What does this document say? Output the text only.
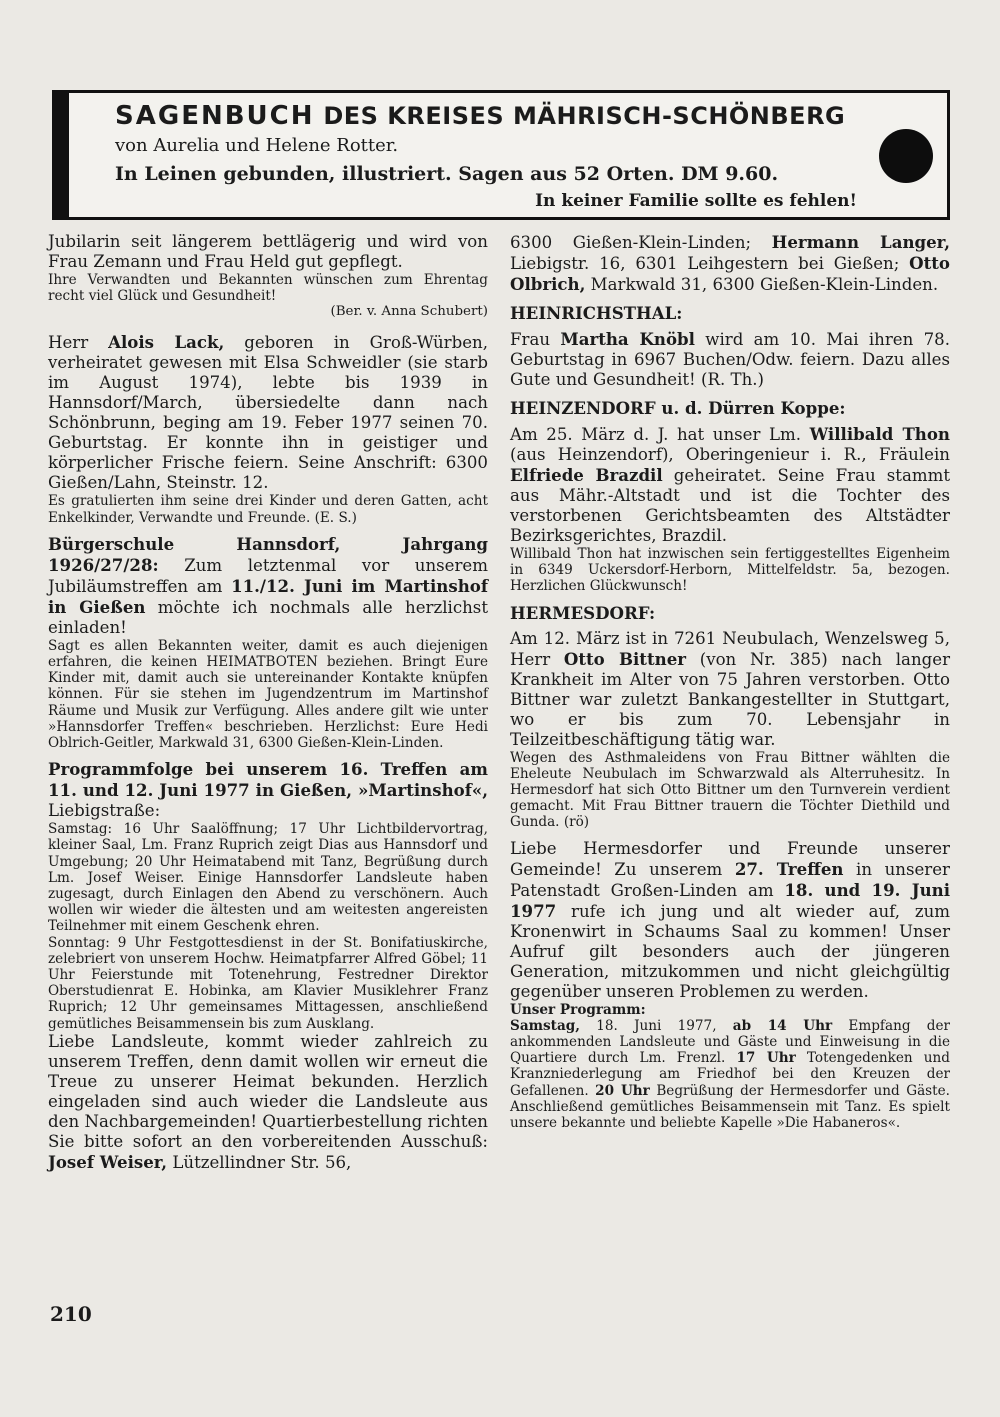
SAGENBUCH DES KREISES MÄHRISCH-SCHÖNBERG
von Aurelia und Helene Rotter.
In Leinen gebunden, illustriert. Sagen aus 52 Orten. DM 9.60.
In keiner Familie sollte es fehlen!

Jubilarin seit längerem bettlägerig und wird von Frau Zemann und Frau Held gut gepflegt.

Ihre Verwandten und Bekannten wünschen zum Ehrentag recht viel Glück und Gesundheit!

(Ber. v. Anna Schubert)

Herr Alois Lack, geboren in Groß-Würben, verheiratet gewesen mit Elsa Schweidler (sie starb im August 1974), lebte bis 1939 in Hannsdorf/March, übersiedelte dann nach Schönbrunn, beging am 19. Feber 1977 seinen 70. Geburtstag. Er konnte ihn in geistiger und körperlicher Frische feiern. Seine Anschrift: 6300 Gießen/Lahn, Steinstr. 12.

Es gratulierten ihm seine drei Kinder und deren Gatten, acht Enkelkinder, Verwandte und Freunde. (E. S.)

Bürgerschule Hannsdorf, Jahrgang 1926/27/28: Zum letztenmal vor unserem Jubiläumstreffen am 11./12. Juni im Martinshof in Gießen möchte ich nochmals alle herzlichst einladen!

Sagt es allen Bekannten weiter, damit es auch diejenigen erfahren, die keinen HEIMATBOTEN beziehen. Bringt Eure Kinder mit, damit auch sie untereinander Kontakte knüpfen können. Für sie stehen im Jugendzentrum im Martinshof Räume und Musik zur Verfügung. Alles andere gilt wie unter »Hannsdorfer Treffen« beschrieben. Herzlichst: Eure Hedi Oblrich-Geitler, Markwald 31, 6300 Gießen-Klein-Linden.

Programmfolge bei unserem 16. Treffen am 11. und 12. Juni 1977 in Gießen, »Martinshof«, Liebigstraße:

Samstag: 16 Uhr Saalöffnung; 17 Uhr Lichtbildervortrag, kleiner Saal, Lm. Franz Ruprich zeigt Dias aus Hannsdorf und Umgebung; 20 Uhr Heimatabend mit Tanz, Begrüßung durch Lm. Josef Weiser. Einige Hannsdorfer Landsleute haben zugesagt, durch Einlagen den Abend zu verschönern. Auch wollen wir wieder die ältesten und am weitesten angereisten Teilnehmer mit einem Geschenk ehren.

Sonntag: 9 Uhr Festgottesdienst in der St. Bonifatiuskirche, zelebriert von unserem Hochw. Heimatpfarrer Alfred Göbel; 11 Uhr Feierstunde mit Totenehrung, Festredner Direktor Oberstudienrat E. Hobinka, am Klavier Musiklehrer Franz Ruprich; 12 Uhr gemeinsames Mittagessen, anschließend gemütliches Beisammensein bis zum Ausklang.

Liebe Landsleute, kommt wieder zahlreich zu unserem Treffen, denn damit wollen wir erneut die Treue zu unserer Heimat bekunden. Herzlich eingeladen sind auch wieder die Landsleute aus den Nachbargemeinden! Quartierbestellung richten Sie bitte sofort an den vorbereitenden Ausschuß: Josef Weiser, Lützellindner Str. 56,

6300 Gießen-Klein-Linden; Hermann Langer, Liebigstr. 16, 6301 Leihgestern bei Gießen; Otto Olbrich, Markwald 31, 6300 Gießen-Klein-Linden.

HEINRICHSTHAL:

Frau Martha Knöbl wird am 10. Mai ihren 78. Geburtstag in 6967 Buchen/Odw. feiern. Dazu alles Gute und Gesundheit! (R. Th.)

HEINZENDORF u. d. Dürren Koppe:

Am 25. März d. J. hat unser Lm. Willibald Thon (aus Heinzendorf), Oberingenieur i. R., Fräulein Elfriede Brazdil geheiratet. Seine Frau stammt aus Mähr.-Altstadt und ist die Tochter des verstorbenen Gerichtsbeamten des Altstädter Bezirksgerichtes, Brazdil.

Willibald Thon hat inzwischen sein fertiggestelltes Eigenheim in 6349 Uckersdorf-Herborn, Mittelfeldstr. 5a, bezogen. Herzlichen Glückwunsch!

HERMESDORF:

Am 12. März ist in 7261 Neubulach, Wenzelsweg 5, Herr Otto Bittner (von Nr. 385) nach langer Krankheit im Alter von 75 Jahren verstorben. Otto Bittner war zuletzt Bankangestellter in Stuttgart, wo er bis zum 70. Lebensjahr in Teilzeitbeschäftigung tätig war.

Wegen des Asthmaleidens von Frau Bittner wählten die Eheleute Neubulach im Schwarzwald als Alterruhesitz. In Hermesdorf hat sich Otto Bittner um den Turnverein verdient gemacht. Mit Frau Bittner trauern die Töchter Diethild und Gunda. (rö)

Liebe Hermesdorfer und Freunde unserer Gemeinde! Zu unserem 27. Treffen in unserer Patenstadt Großen-Linden am 18. und 19. Juni 1977 rufe ich jung und alt wieder auf, zum Kronenwirt in Schaums Saal zu kommen! Unser Aufruf gilt besonders auch der jüngeren Generation, mitzukommen und nicht gleichgültig gegenüber unseren Problemen zu werden.

Unser Programm:

Samstag, 18. Juni 1977, ab 14 Uhr Empfang der ankommenden Landsleute und Gäste und Einweisung in die Quartiere durch Lm. Frenzl. 17 Uhr Totengedenken und Kranzniederlegung am Friedhof bei den Kreuzen der Gefallenen. 20 Uhr Begrüßung der Hermesdorfer und Gäste. Anschließend gemütliches Beisammensein mit Tanz. Es spielt unsere bekannte und beliebte Kapelle »Die Habaneros«.

210
